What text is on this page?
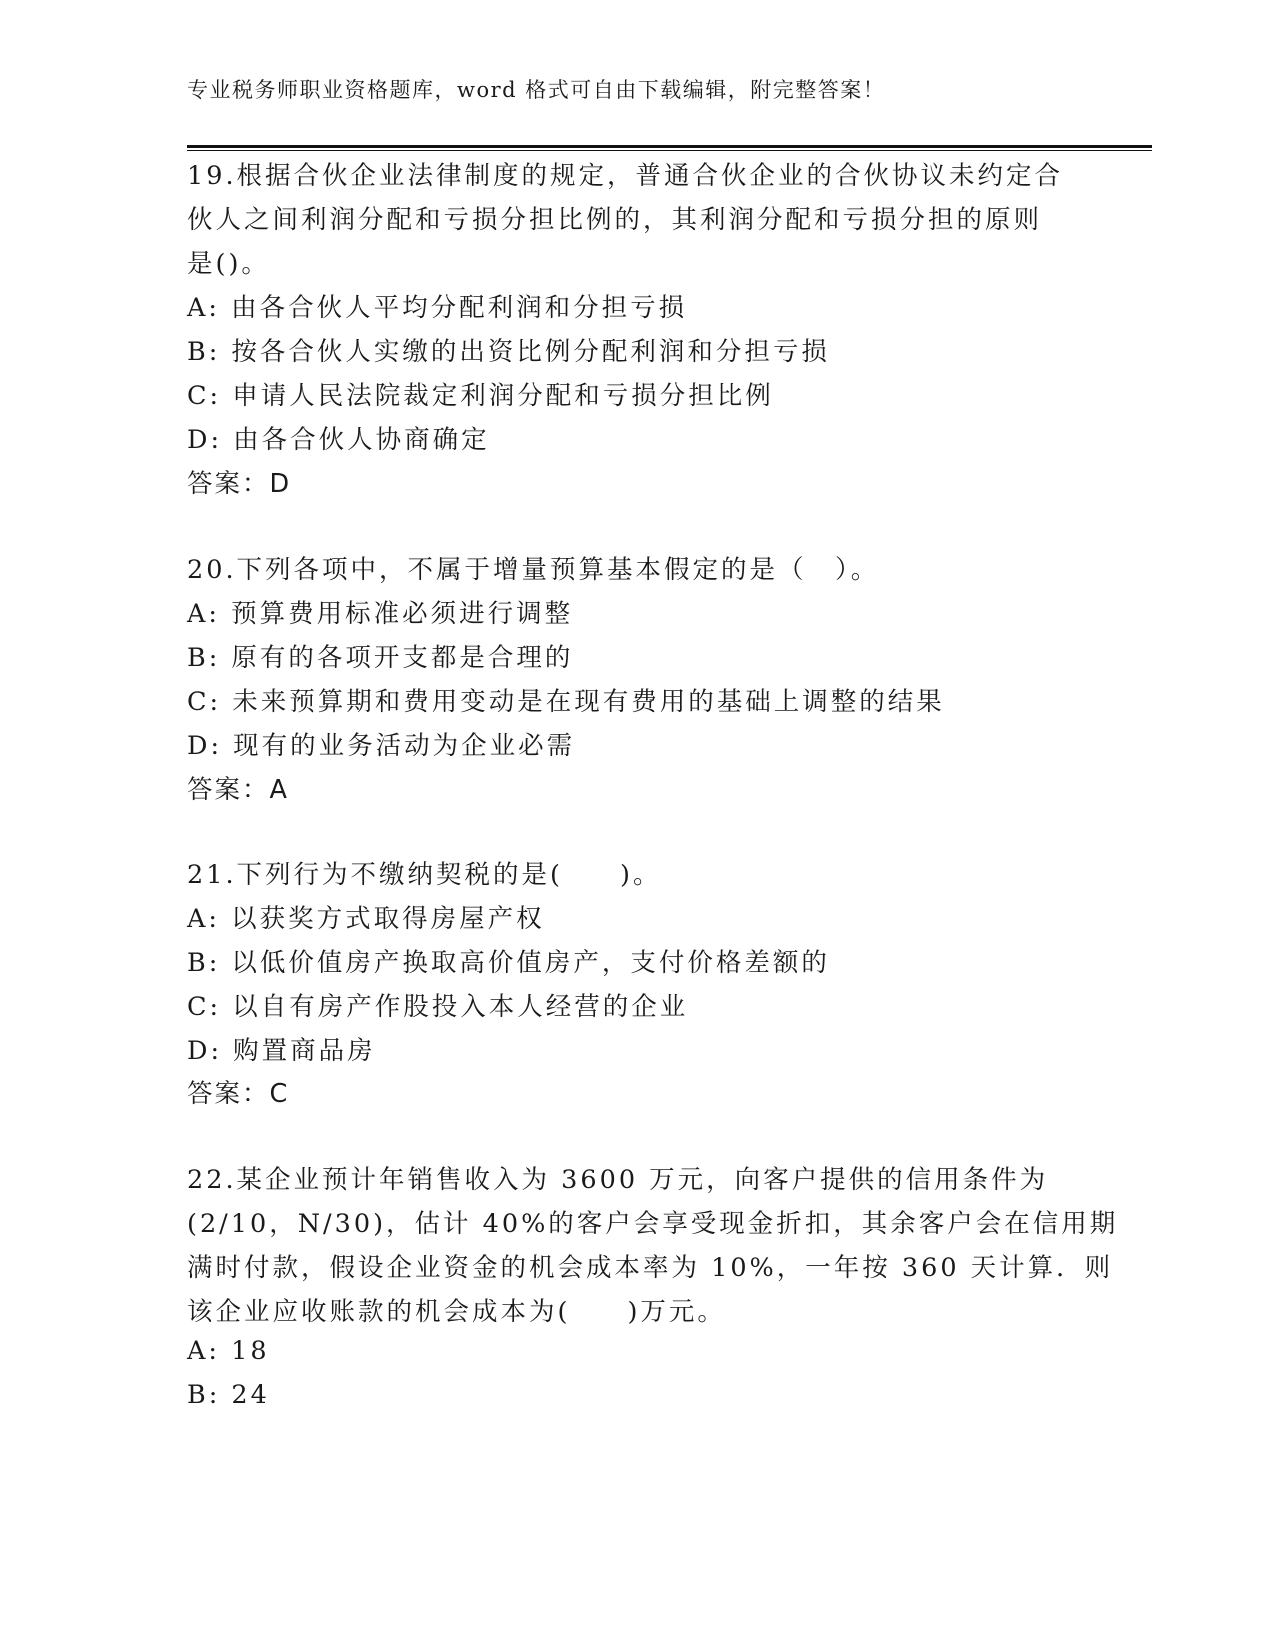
专业税务师职业资格题库，word 格式可自由下载编辑，附完整答案！
19.根据合伙企业法律制度的规定，普通合伙企业的合伙协议未约定合
伙人之间利润分配和亏损分担比例的，其利润分配和亏损分担的原则
是()。
A: 由各合伙人平均分配利润和分担亏损
B: 按各合伙人实缴的出资比例分配利润和分担亏损
C: 申请人民法院裁定利润分配和亏损分担比例
D: 由各合伙人协商确定
答案：D
20.下列各项中，不属于增量预算基本假定的是（　）。
A: 预算费用标准必须进行调整
B: 原有的各项开支都是合理的
C: 未来预算期和费用变动是在现有费用的基础上调整的结果
D: 现有的业务活动为企业必需
答案：A
21.下列行为不缴纳契税的是(　　)。
A: 以获奖方式取得房屋产权
B: 以低价值房产换取高价值房产，支付价格差额的
C: 以自有房产作股投入本人经营的企业
D: 购置商品房
答案：C
22.某企业预计年销售收入为 3600 万元，向客户提供的信用条件为
(2/10，N/30)，估计 40%的客户会享受现金折扣，其余客户会在信用期
满时付款，假设企业资金的机会成本率为 10%，一年按 360 天计算．则
该企业应收账款的机会成本为(　　)万元。
A: 18
B: 24
